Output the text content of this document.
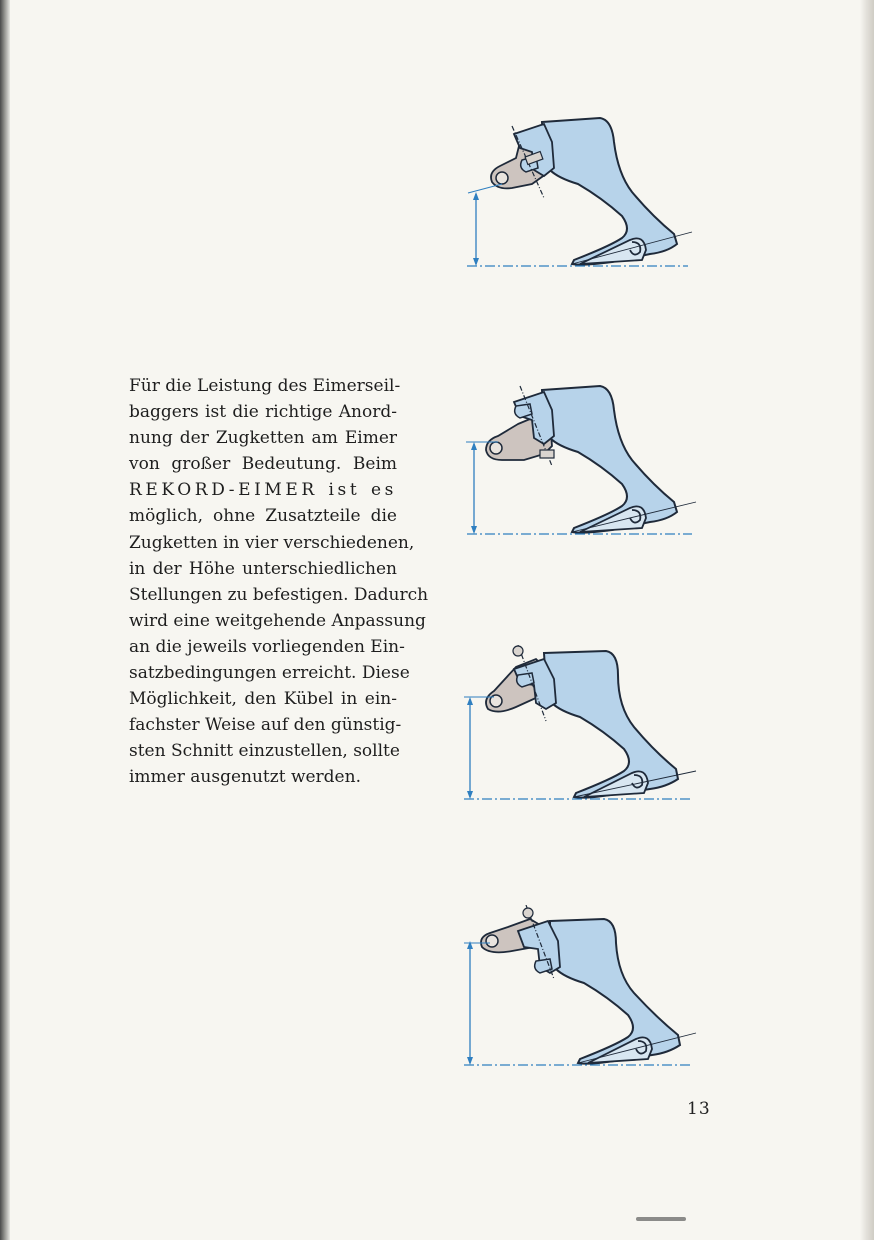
Für die Leistung des Eimerseil-
baggers ist die richtige Anord-
nung der Zugketten am Eimer
von großer Bedeutung. Beim
REKORD-EIMER ist es
möglich, ohne Zusatzteile die
Zugketten in vier verschiedenen,
in der Höhe unterschiedlichen
Stellungen zu befestigen. Dadurch
wird eine weitgehende Anpassung
an die jeweils vorliegenden Ein-
satzbedingungen erreicht. Diese
Möglichkeit, den Kübel in ein-
fachster Weise auf den günstig-
sten Schnitt einzustellen, sollte
immer ausgenutzt werden.
13
